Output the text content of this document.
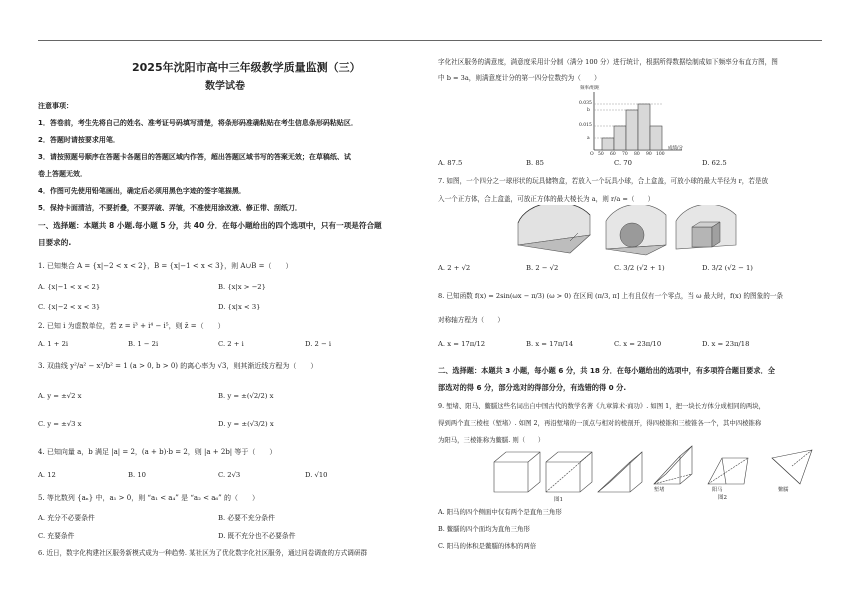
2025年沈阳市高中三年级教学质量监测（三）
数学试卷
注意事项：
1．答卷前，考生先将自己的姓名、准考证号码填写清楚，将条形码准确粘贴在考生信息条形码粘贴区．
2．答题时请按要求用笔．
3．请按照题号顺序在答题卡各题目的答题区域内作答，超出答题区域书写的答案无效；在草稿纸、试
卷上答题无效．
4．作图可先使用铅笔画出，确定后必须用黑色字迹的签字笔描黑．
5．保持卡面清洁，不要折叠，不要弄破、弄皱，不准使用涂改液、修正带、刮纸刀．
一、选择题：本题共 8 小题.每小题 5 分，共 40 分．在每小题给出的四个选项中，只有一项是符合题
目要求的.
1. 已知集合 A = {x|−2 < x < 2}，B = {x|−1 < x < 3}，则 A∪B =（　　）
A. {x|−1 < x < 2}	B. {x|x > −2}
C. {x|−2 < x < 3}	D. {x|x < 3}
2. 已知 i 为虚数单位，若 z = i³ + i⁴ − i⁵，则 z̄ =（　　）
A. 1 + 2i	B. 1 − 2i	C. 2 + i	D. 2 − i
3. 双曲线 y²/a² − x²/b² = 1 (a > 0, b > 0) 的离心率为 √3，则其渐近线方程为（　　）
A. y = ±√2 x	B. y = ±(√2/2) x
C. y = ±√3 x	D. y = ±(√3/2) x
4. 已知向量 a，b 满足 |a| = 2，(a + b)·b = 2，则 |a + 2b| 等于（　　）
A. 12	B. 10	C. 2√3	D. √10
5. 等比数列 {aₙ} 中，a₁ > 0，则 “a₁ < a₄” 是 “a₂ < a₆” 的（　　）
A. 充分不必要条件	B. 必要不充分条件
C. 充要条件	D. 既不充分也不必要条件
6. 近日，数字化构建社区服务新模式成为一种趋势. 某社区为了优化数字化社区服务，通过问卷调查的方式调研群
字化社区服务的满意度，满意度采用计分制（满分 100 分）进行统计，根据所得数据绘制成如下频率分布直方图，图
中 b = 3a，则满意度计分的第一四分位数约为（　　）
频率/组距
0.035
b
0.015
a
O 50 60 70 80 90 100
成绩/分
A. 87.5	B. 85	C. 70	D. 62.5
7. 如图，一个四分之一球形状的玩具储物盒，若放入一个玩具小球，合上盒盖，可放小球的最大半径为 r，若是放
入一个正方体，合上盒盖，可放正方体的最大棱长为 a，则 r/a =（　　）
A. 2 + √2	B. 2 − √2	C. 3/2 (√2 + 1)	D. 3/2 (√2 − 1)
8. 已知函数 f(x) = 2sin(ωx − π/3) (ω > 0) 在区间 (π/3, π] 上有且仅有一个零点，当 ω 最大时，f(x) 的图象的一条
对称轴方程为（　　）
A. x = 17π/12	B. x = 17π/14	C. x = 23π/10	D. x = 23π/18
二、选择题：本题共 3 小题，每小题 6 分，共 18 分．在每小题给出的选项中，有多项符合题目要求．全
部选对的得 6 分，部分选对的得部分分，有选错的得 0 分.
9. 堑堵、阳马、鳖臑这些名词出自中国古代的数学名著《九章算术·商功》. 如图 1，把一块长方体分成相同的两块，
得到两个直三棱柱（堑堵）. 如图 2，再沿堑堵的一顶点与相对的棱剖开，得四棱锥和三棱锥各一个，其中四棱锥称
为阳马，三棱锥称为鳖臑. 则（　　）
图1
堑堵	阳马	鳖臑
图2
A. 阳马的四个侧面中仅有两个是直角三角形
B. 鳖臑的四个面均为直角三角形
C. 阳马的体积是鳖臑的体积的两倍
